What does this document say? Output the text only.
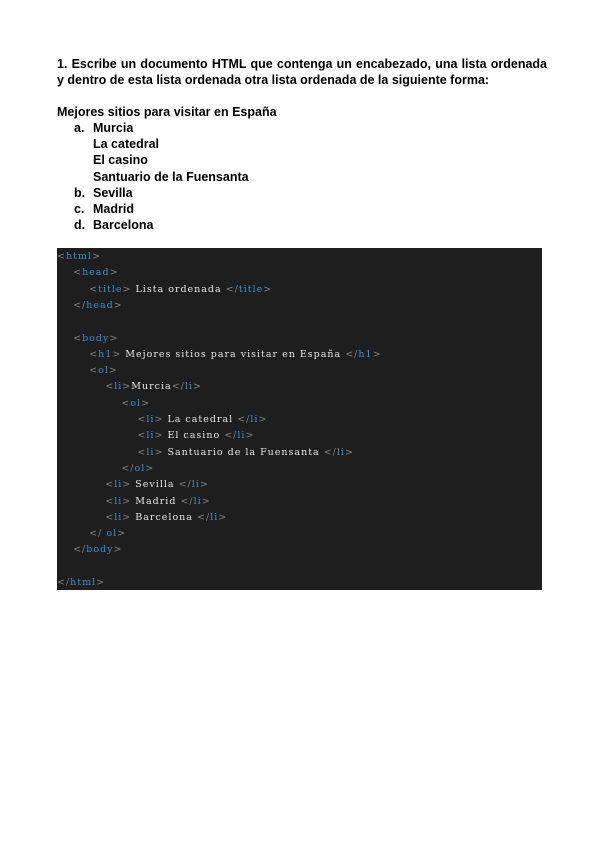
1. Escribe un documento HTML que contenga un encabezado, una lista ordenada y dentro de esta lista ordenada otra lista ordenada de la siguiente forma:

Mejores sitios para visitar en España

a. Murcia
La catedral
El casino
Santuario de la Fuensanta
b. Sevilla
c. Madrid
d. Barcelona
<html>
<head>
<title> Lista ordenada </title>
</head>
<body>
<h1> Mejores sitios para visitar en España </h1>
<ol>
<li>Murcia</li>
<ol>
<li> La catedral </li>
<li> El casino </li>
<li> Santuario de la Fuensanta </li>
</ol>
<li> Sevilla </li>
<li> Madrid </li>
<li> Barcelona </li>
</ ol>
</body>
</html>
